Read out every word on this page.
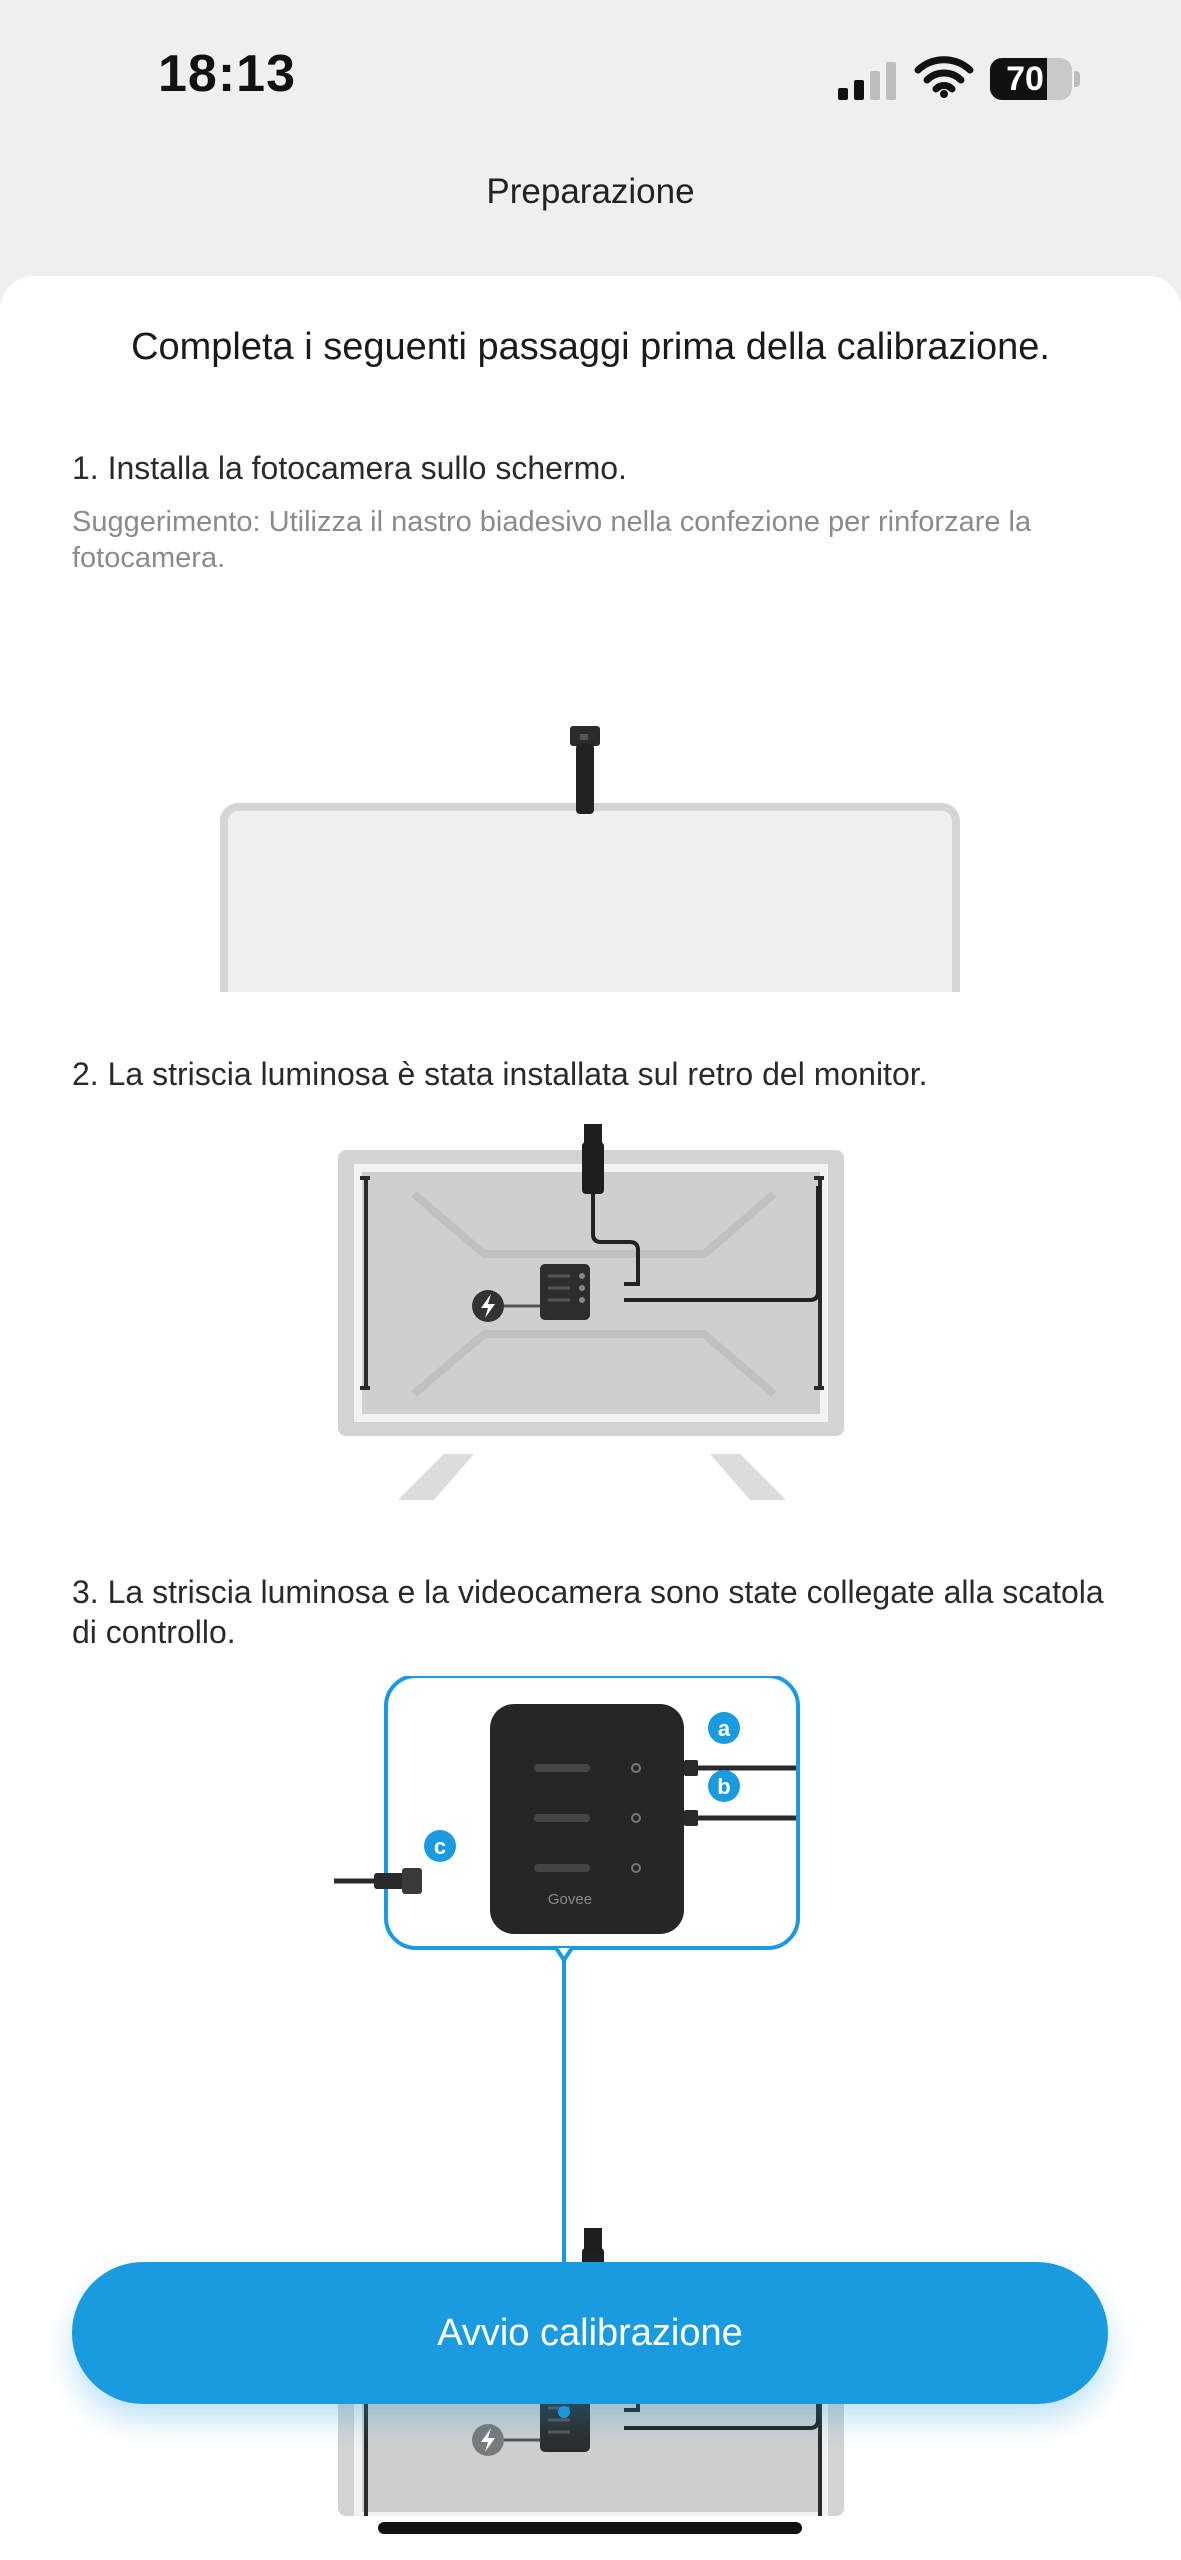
18:13	70
Preparazione
Completa i seguenti passaggi prima della calibrazione.
1. Installa la fotocamera sullo schermo.
Suggerimento: Utilizza il nastro biadesivo nella confezione per rinforzare la fotocamera.
2. La striscia luminosa è stata installata sul retro del monitor.
3. La striscia luminosa e la videocamera sono state collegate alla scatola di controllo.
a
b
c
Govee
Avvio calibrazione
